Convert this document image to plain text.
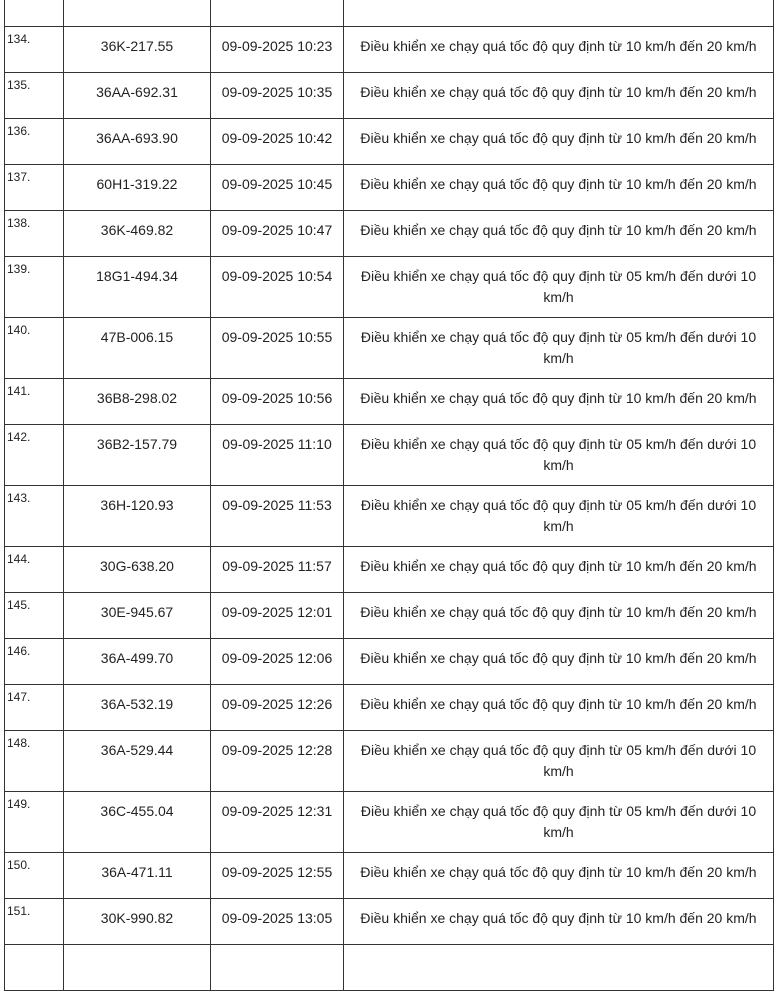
134.	36K-217.55	09-09-2025 10:23	Điều khiển xe chạy quá tốc độ quy định từ 10 km/h đến 20 km/h
135.	36AA-692.31	09-09-2025 10:35	Điều khiển xe chạy quá tốc độ quy định từ 10 km/h đến 20 km/h
136.	36AA-693.90	09-09-2025 10:42	Điều khiển xe chạy quá tốc độ quy định từ 10 km/h đến 20 km/h
137.	60H1-319.22	09-09-2025 10:45	Điều khiển xe chạy quá tốc độ quy định từ 10 km/h đến 20 km/h
138.	36K-469.82	09-09-2025 10:47	Điều khiển xe chạy quá tốc độ quy định từ 10 km/h đến 20 km/h
139.	18G1-494.34	09-09-2025 10:54	Điều khiển xe chạy quá tốc độ quy định từ 05 km/h đến dưới 10 km/h
140.	47B-006.15	09-09-2025 10:55	Điều khiển xe chạy quá tốc độ quy định từ 05 km/h đến dưới 10 km/h
141.	36B8-298.02	09-09-2025 10:56	Điều khiển xe chạy quá tốc độ quy định từ 10 km/h đến 20 km/h
142.	36B2-157.79	09-09-2025 11:10	Điều khiển xe chạy quá tốc độ quy định từ 05 km/h đến dưới 10 km/h
143.	36H-120.93	09-09-2025 11:53	Điều khiển xe chạy quá tốc độ quy định từ 05 km/h đến dưới 10 km/h
144.	30G-638.20	09-09-2025 11:57	Điều khiển xe chạy quá tốc độ quy định từ 10 km/h đến 20 km/h
145.	30E-945.67	09-09-2025 12:01	Điều khiển xe chạy quá tốc độ quy định từ 10 km/h đến 20 km/h
146.	36A-499.70	09-09-2025 12:06	Điều khiển xe chạy quá tốc độ quy định từ 10 km/h đến 20 km/h
147.	36A-532.19	09-09-2025 12:26	Điều khiển xe chạy quá tốc độ quy định từ 10 km/h đến 20 km/h
148.	36A-529.44	09-09-2025 12:28	Điều khiển xe chạy quá tốc độ quy định từ 05 km/h đến dưới 10 km/h
149.	36C-455.04	09-09-2025 12:31	Điều khiển xe chạy quá tốc độ quy định từ 05 km/h đến dưới 10 km/h
150.	36A-471.11	09-09-2025 12:55	Điều khiển xe chạy quá tốc độ quy định từ 10 km/h đến 20 km/h
151.	30K-990.82	09-09-2025 13:05	Điều khiển xe chạy quá tốc độ quy định từ 10 km/h đến 20 km/h
